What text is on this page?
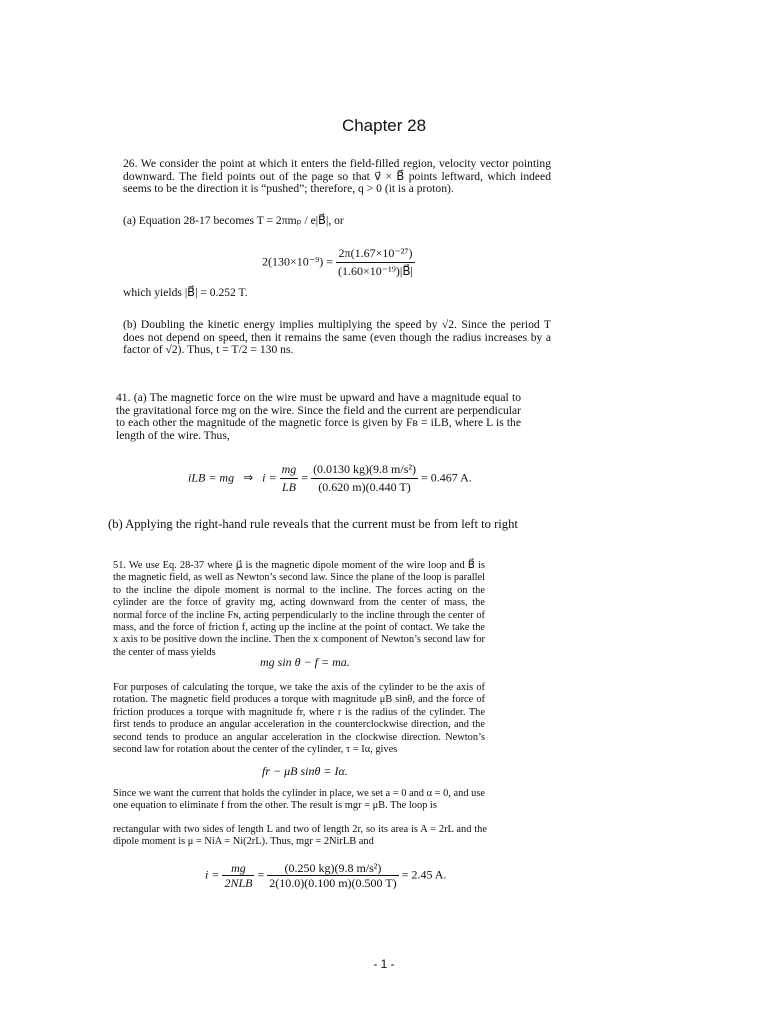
Chapter 28

26. We consider the point at which it enters the field-filled region, velocity vector pointing downward. The field points out of the page so that v⃗ × B⃗ points leftward, which indeed seems to be the direction it is “pushed”; therefore, q > 0 (it is a proton).

(a) Equation 28-17 becomes T = 2πmₚ / e|B⃗|, or

$2(130\times 10^{-9}) = \frac{\text{2π(1.67×10⁻²⁷)}}{\text{(1.60×10⁻¹⁹)|B⃗|}}$

which yields |B⃗| = 0.252 T.

(b) Doubling the kinetic energy implies multiplying the speed by √2. Since the period T does not depend on speed, then it remains the same (even though the radius increases by a factor of √2). Thus, t = T/2 = 130 ns.

41. (a) The magnetic force on the wire must be upward and have a magnitude equal to the gravitational force mg on the wire. Since the field and the current are perpendicular to each other the magnitude of the magnetic force is given by Fʙ = iLB, where L is the length of the wire. Thus,

iLB = mg ⇒ $i = \frac{mg}{LB} = \frac{\text{(0.0130 kg)(9.8 m/s²)}}{(0.620 m)(0.440 T)} = 0.467$ A.
(b) Applying the right-hand rule reveals that the current must be from left to right

51. We use Eq. 28-37 where μ⃗ is the magnetic dipole moment of the wire loop and B⃗ is the magnetic field, as well as Newton’s second law. Since the plane of the loop is parallel to the incline the dipole moment is normal to the incline. The forces acting on the cylinder are the force of gravity mg, acting downward from the center of mass, the normal force of the incline Fɴ, acting perpendicularly to the incline through the center of mass, and the force of friction f, acting up the incline at the point of contact. We take the x axis to be positive down the incline. Then the x component of Newton’s second law for the center of mass yields

mg sin θ − f = ma.

For purposes of calculating the torque, we take the axis of the cylinder to be the axis of rotation. The magnetic field produces a torque with magnitude μB sinθ, and the force of friction produces a torque with magnitude fr, where r is the radius of the cylinder. The first tends to produce an angular acceleration in the counterclockwise direction, and the second tends to produce an angular acceleration in the clockwise direction. Newton’s second law for rotation about the center of the cylinder, τ = Iα, gives

fr − μB sinθ = Iα.

Since we want the current that holds the cylinder in place, we set a = 0 and α = 0, and use one equation to eliminate f from the other. The result is mgr = μB. The loop is

rectangular with two sides of length L and two of length 2r, so its area is A = 2rL and the dipole moment is μ = NiA = Ni(2rL). Thus, mgr = 2NirLB and

$i = \frac{mg}{\text{2NLB}} = \frac{\text{(0.250 kg)(9.8 m/s²)}}{2(10.0)(0.100 m)(0.500 T)} = 2.45$ A.
- 1 -
